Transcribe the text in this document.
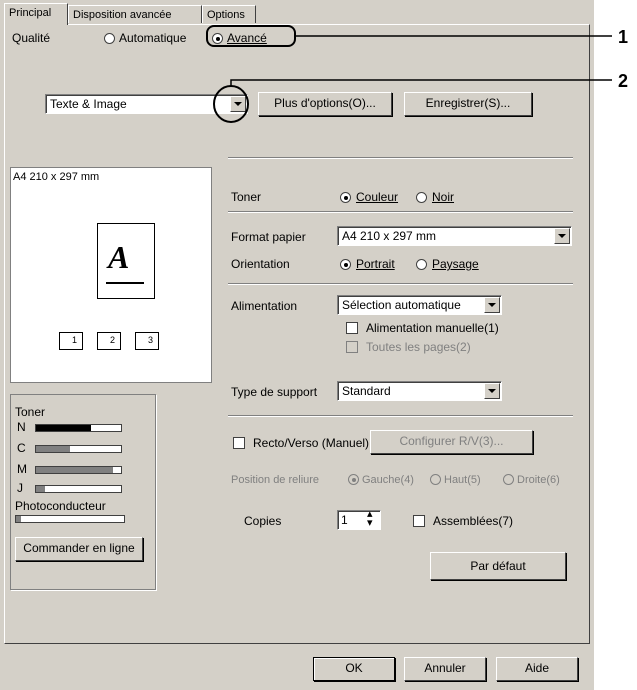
Principal	Disposition avancée	Options
Qualité	Automatique	Avancé
Texte & Image	Plus d'options(O)...	Enregistrer(S)...
A4 210 x 297 mm
A
1	2	3
Toner
N
C
M
J
Photoconducteur
Commander en ligne
Toner	Couleur	Noir
Format papier	A4 210 x 297 mm
Orientation	Portrait	Paysage
Alimentation	Sélection automatique
Alimentation manuelle(1)
Toutes les pages(2)
Type de support	Standard
Recto/Verso (Manuel)	Configurer R/V(3)...
Position de reliure	Gauche(4)	Haut(5)	Droite(6)
Copies	1	▴
▾	Assemblées(7)
Par défaut
OK	Annuler	Aide
1
2
